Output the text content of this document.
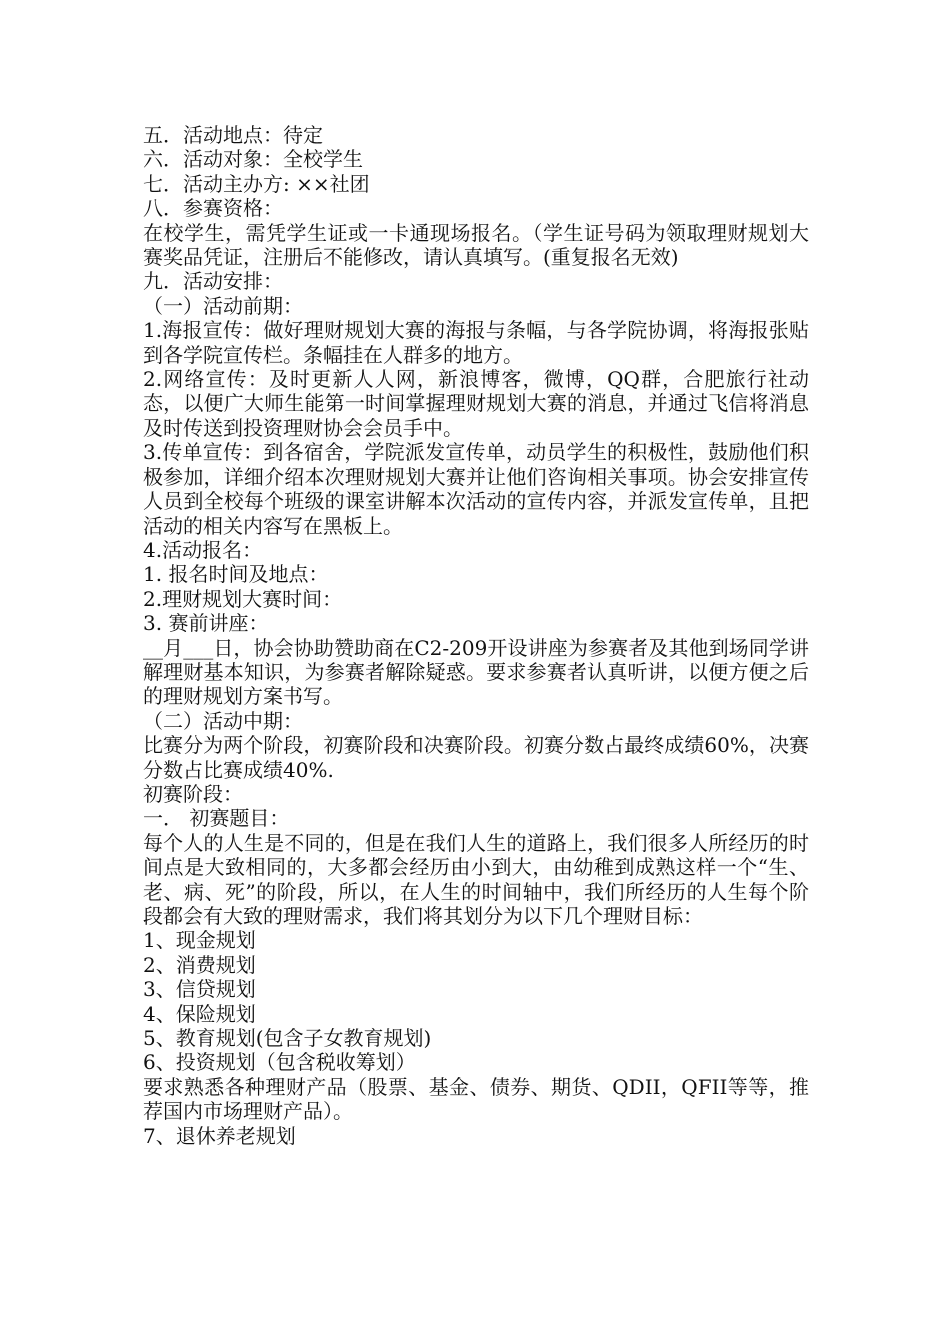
五．活动地点：待定
六．活动对象：全校学生
七．活动主办方: ××社团
八．参赛资格：
在校学生，需凭学生证或一卡通现场报名。（学生证号码为领取理财规划大赛奖品凭证，注册后不能修改，请认真填写。(重复报名无效)
九．活动安排：
（一）活动前期：
1.海报宣传：做好理财规划大赛的海报与条幅，与各学院协调，将海报张贴到各学院宣传栏。条幅挂在人群多的地方。
2.网络宣传：及时更新人人网，新浪博客，微博，QQ群，合肥旅行社动态，以便广大师生能第一时间掌握理财规划大赛的消息，并通过飞信将消息及时传送到投资理财协会会员手中。
3.传单宣传：到各宿舍，学院派发宣传单，动员学生的积极性，鼓励他们积极参加，详细介绍本次理财规划大赛并让他们咨询相关事项。协会安排宣传人员到全校每个班级的课室讲解本次活动的宣传内容，并派发宣传单，且把活动的相关内容写在黑板上。
4.活动报名：
1. 报名时间及地点：
2.理财规划大赛时间：
3. 赛前讲座：
__月___日，协会协助赞助商在C2-209开设讲座为参赛者及其他到场同学讲解理财基本知识，为参赛者解除疑惑。要求参赛者认真听讲，以便方便之后的理财规划方案书写。
（二）活动中期：
比赛分为两个阶段，初赛阶段和决赛阶段。初赛分数占最终成绩60%，决赛分数占比赛成绩40%.
初赛阶段：
一． 初赛题目：
每个人的人生是不同的，但是在我们人生的道路上，我们很多人所经历的时间点是大致相同的，大多都会经历由小到大，由幼稚到成熟这样一个“生、老、病、死”的阶段，所以，在人生的时间轴中，我们所经历的人生每个阶段都会有大致的理财需求，我们将其划分为以下几个理财目标：
1、现金规划
2、消费规划
3、信贷规划
4、保险规划
5、教育规划(包含子女教育规划)
6、投资规划（包含税收筹划）
要求熟悉各种理财产品（股票、基金、债券、期货、QDII，QFII等等，推荐国内市场理财产品）。
7、退休养老规划
